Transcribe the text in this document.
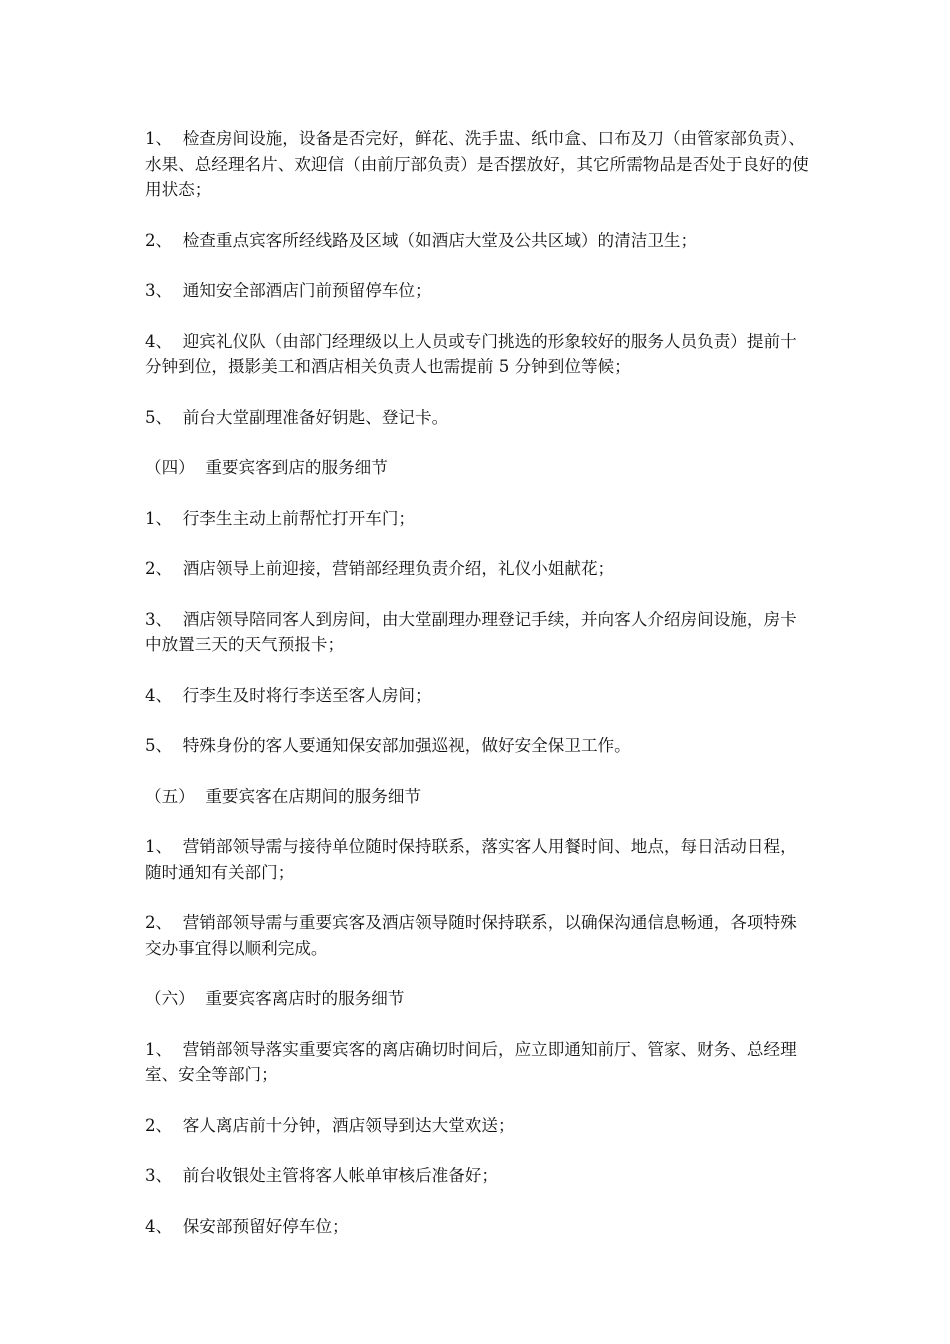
1、  检查房间设施，设备是否完好，鲜花、洗手盅、纸巾盒、口布及刀（由管家部负责）、水果、总经理名片、欢迎信（由前厅部负责）是否摆放好，其它所需物品是否处于良好的使用状态；

2、  检查重点宾客所经线路及区域（如酒店大堂及公共区域）的清洁卫生；

3、  通知安全部酒店门前预留停车位；

4、  迎宾礼仪队（由部门经理级以上人员或专门挑选的形象较好的服务人员负责）提前十分钟到位，摄影美工和酒店相关负责人也需提前 5 分钟到位等候；

5、  前台大堂副理准备好钥匙、登记卡。

（四）  重要宾客到店的服务细节

1、  行李生主动上前帮忙打开车门；

2、  酒店领导上前迎接，营销部经理负责介绍，礼仪小姐献花；

3、  酒店领导陪同客人到房间，由大堂副理办理登记手续，并向客人介绍房间设施，房卡中放置三天的天气预报卡；

4、  行李生及时将行李送至客人房间；

5、  特殊身份的客人要通知保安部加强巡视，做好安全保卫工作。

（五）  重要宾客在店期间的服务细节

1、  营销部领导需与接待单位随时保持联系，落实客人用餐时间、地点，每日活动日程，随时通知有关部门；

2、  营销部领导需与重要宾客及酒店领导随时保持联系，以确保沟通信息畅通，各项特殊交办事宜得以顺利完成。

（六）  重要宾客离店时的服务细节

1、  营销部领导落实重要宾客的离店确切时间后，应立即通知前厅、管家、财务、总经理室、安全等部门；

2、  客人离店前十分钟，酒店领导到达大堂欢送；

3、  前台收银处主管将客人帐单审核后准备好；

4、  保安部预留好停车位；
